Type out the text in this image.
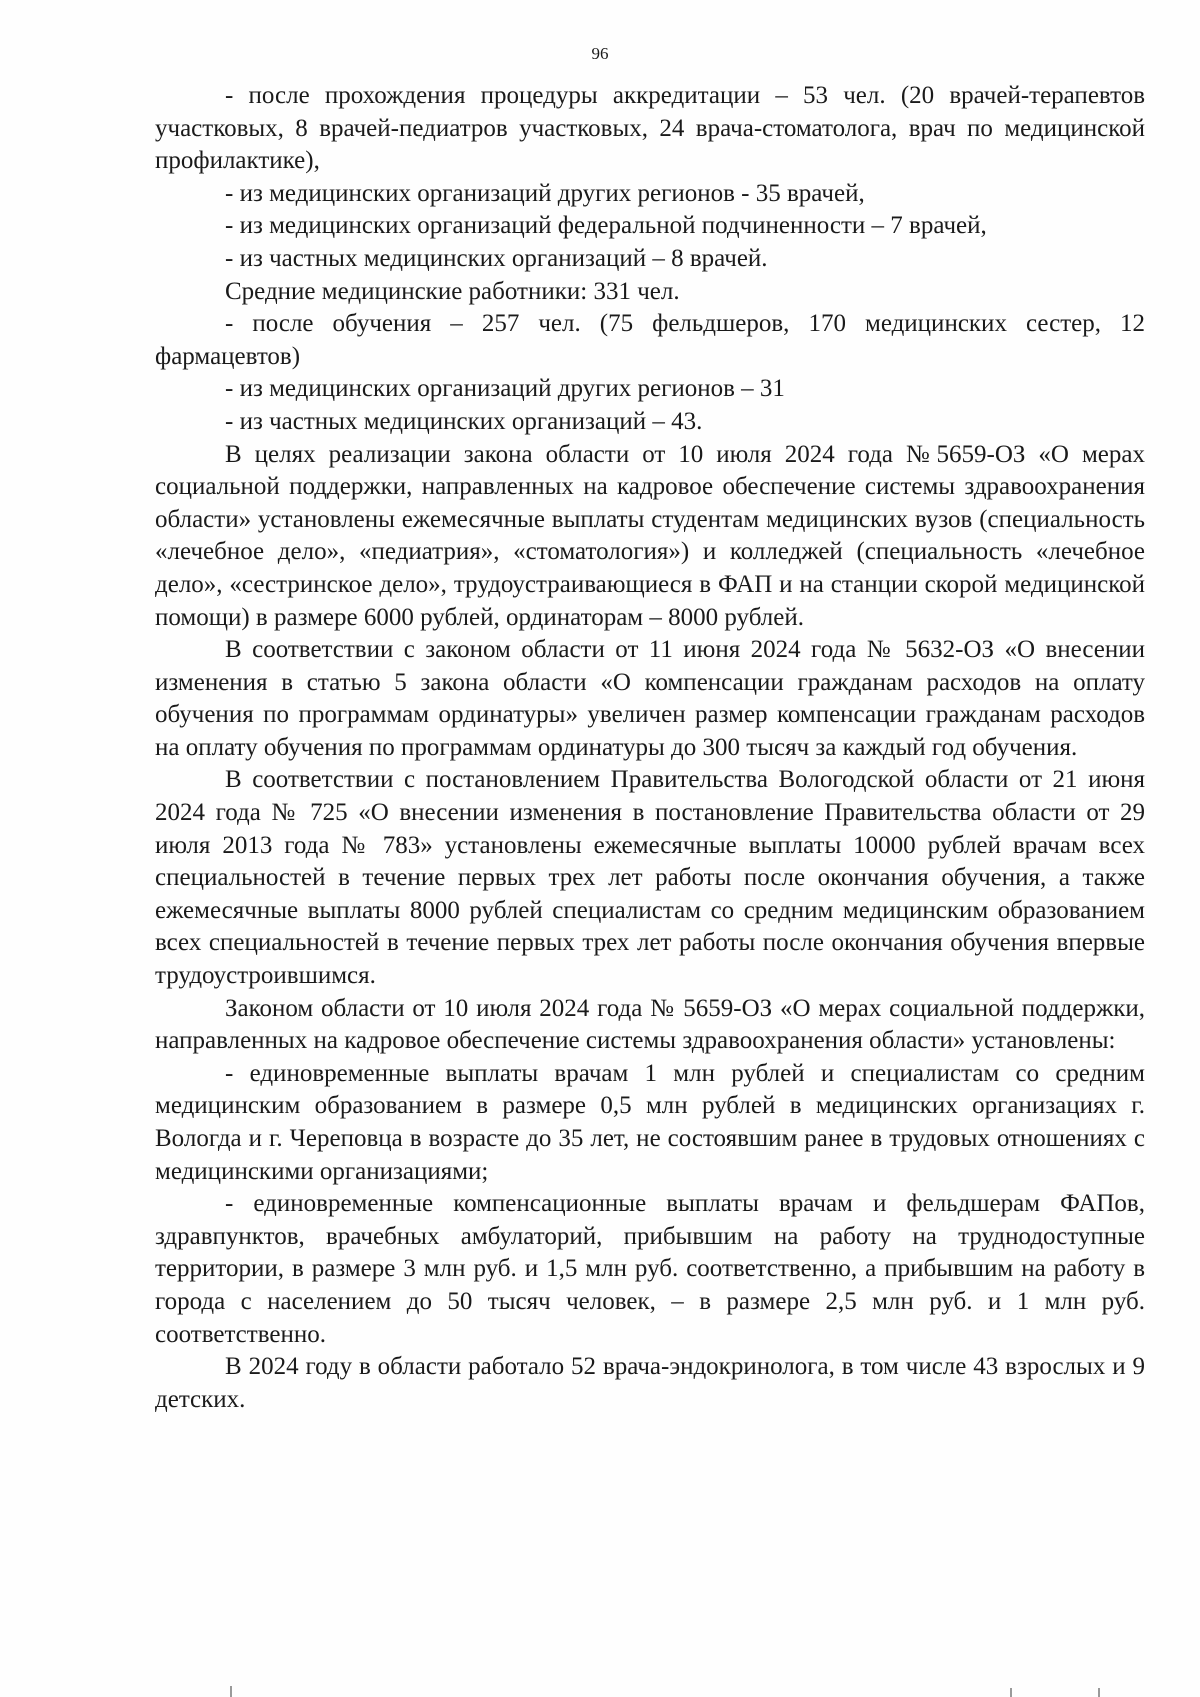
96

- после прохождения процедуры аккредитации – 53 чел. (20 врачей-терапевтов участковых, 8 врачей-педиатров участковых, 24 врача-стоматолога, врач по медицинской профилактике),

- из медицинских организаций других регионов - 35 врачей,

- из медицинских организаций федеральной подчиненности – 7 врачей,

- из частных медицинских организаций – 8 врачей.

Средние медицинские работники: 331 чел.

- после обучения – 257 чел. (75 фельдшеров, 170 медицинских сестер, 12 фармацевтов)

- из медицинских организаций других регионов – 31

- из частных медицинских организаций – 43.

В целях реализации закона области от 10 июля 2024 года №5659-ОЗ «О мерах социальной поддержки, направленных на кадровое обеспечение системы здравоохранения области» установлены ежемесячные выплаты студентам медицинских вузов (специальность «лечебное дело», «педиатрия», «стоматология») и колледжей (специальность «лечебное дело», «сестринское дело», трудоустраивающиеся в ФАП и на станции скорой медицинской помощи) в размере 6000 рублей, ординаторам – 8000 рублей.

В соответствии с законом области от 11 июня 2024 года № 5632-ОЗ «О внесении изменения в статью 5 закона области «О компенсации гражданам расходов на оплату обучения по программам ординатуры» увеличен размер компенсации гражданам расходов на оплату обучения по программам ординатуры до 300 тысяч за каждый год обучения.

В соответствии с постановлением Правительства Вологодской области от 21 июня 2024 года № 725 «О внесении изменения в постановление Правительства области от 29 июля 2013 года № 783» установлены ежемесячные выплаты 10000 рублей врачам всех специальностей в течение первых трех лет работы после окончания обучения, а также ежемесячные выплаты 8000 рублей специалистам со средним медицинским образованием всех специальностей в течение первых трех лет работы после окончания обучения впервые трудоустроившимся.

Законом области от 10 июля 2024 года № 5659-ОЗ «О мерах социальной поддержки, направленных на кадровое обеспечение системы здравоохранения области» установлены:

- единовременные выплаты врачам 1 млн рублей и специалистам со средним медицинским образованием в размере 0,5 млн рублей в медицинских организациях г. Вологда и г. Череповца в возрасте до 35 лет, не состоявшим ранее в трудовых отношениях с медицинскими организациями;

- единовременные компенсационные выплаты врачам и фельдшерам ФАПов, здравпунктов, врачебных амбулаторий, прибывшим на работу на труднодоступные территории, в размере 3 млн руб. и 1,5 млн руб. соответственно, а прибывшим на работу в города с населением до 50 тысяч человек, – в размере 2,5 млн руб. и 1 млн руб. соответственно.

В 2024 году в области работало 52 врача-эндокринолога, в том числе 43 взрослых и 9 детских.
